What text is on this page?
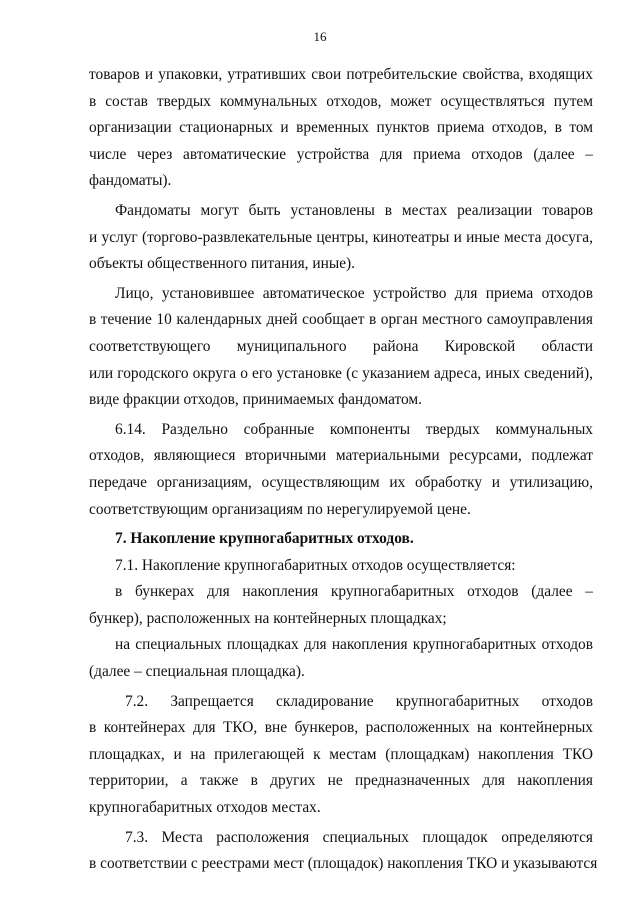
16
товаров и упаковки, утративших свои потребительские свойства, входящих
в состав твердых коммунальных отходов, может осуществляться путем
организации стационарных и временных пунктов приема отходов, в том
числе через автоматические устройства для приема отходов (далее –
фандоматы).
Фандоматы могут быть установлены в местах реализации товаров
и услуг (торгово-развлекательные центры, кинотеатры и иные места досуга,
объекты общественного питания, иные).
Лицо, установившее автоматическое устройство для приема отходов
в течение 10 календарных дней сообщает в орган местного самоуправления
соответствующего муниципального района Кировской области
или городского округа о его установке (с указанием адреса, иных сведений),
виде фракции отходов, принимаемых фандоматом.
6.14. Раздельно собранные компоненты твердых коммунальных
отходов, являющиеся вторичными материальными ресурсами, подлежат
передаче организациям, осуществляющим их обработку и утилизацию,
соответствующим организациям по нерегулируемой цене.
7. Накопление крупногабаритных отходов.
7.1. Накопление крупногабаритных отходов осуществляется:
в бункерах для накопления крупногабаритных отходов (далее –
бункер), расположенных на контейнерных площадках;
на специальных площадках для накопления крупногабаритных отходов
(далее – специальная площадка).
7.2. Запрещается складирование крупногабаритных отходов
в контейнерах для ТКО, вне бункеров, расположенных на контейнерных
площадках, и на прилегающей к местам (площадкам) накопления ТКО
территории, а также в других не предназначенных для накопления
крупногабаритных отходов местах.
7.3. Места расположения специальных площадок определяются
в соответствии с реестрами мест (площадок) накопления ТКО и указываются
